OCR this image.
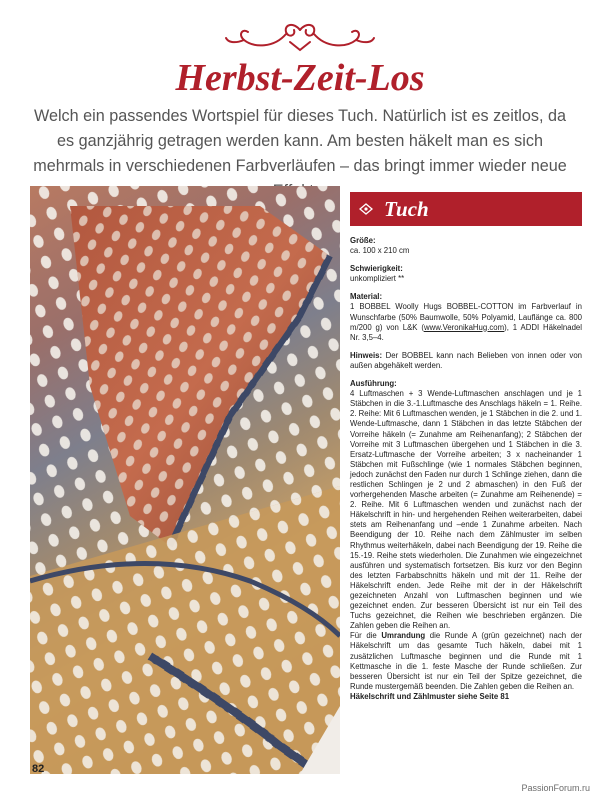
Herbst-Zeit-Los

Welch ein passendes Wortspiel für dieses Tuch. Natürlich ist es zeitlos, da es ganzjährig getragen werden kann. Am besten häkelt man es sich mehrmals in verschiedenen Farbverläufen – das bringt immer wieder neue

Tuch

Größe:
ca. 100 x 210 cm

Schwierigkeit:
unkompliziert **

Material:
1 BOBBEL Woolly Hugs BOBBEL-COTTON im Farbverlauf in Wunschfarbe (50% Baumwolle, 50% Polyamid, Lauflänge ca. 800 m/200 g) von L&K (www.VeronikaHug.com), 1 ADDI Häkelnadel Nr. 3,5–4.

Hinweis: Der BOBBEL kann nach Belieben von innen oder von außen abgehäkelt werden.

Ausführung:
4 Luftmaschen + 3 Wende-Luftmaschen anschlagen und je 1 Stäbchen in die 3.-1.Luftmasche des Anschlags häkeln = 1. Reihe. 2. Reihe: Mit 6 Luftmaschen wenden, je 1 Stäbchen in die 2. und 1. Wende-Luftmasche, dann 1 Stäbchen in das letzte Stäbchen der Vorreihe häkeln (= Zunahme am Reihenanfang); 2 Stäbchen der Vorreihe mit 3 Luftmaschen übergehen und 1 Stäbchen in die 3. Ersatz-Luftmasche der Vorreihe arbeiten; 3 x nacheinander 1 Stäbchen mit Fußschlinge (wie 1 normales Stäbchen beginnen, jedoch zunächst den Faden nur durch 1 Schlinge ziehen, dann die restlichen Schlingen je 2 und 2 abmaschen) in den Fuß der vorhergehenden Masche arbeiten (= Zunahme am Reihenende) = 2. Reihe. Mit 6 Luftmaschen wenden und zunächst nach der Häkelschrift in hin- und hergehenden Reihen weiterarbeiten, dabei stets am Reihenanfang und –ende 1 Zunahme arbeiten. Nach Beendigung der 10. Reihe nach dem Zählmuster im selben Rhythmus weiterhäkeln, dabei nach Beendigung der 19. Reihe die 15.-19. Reihe stets wiederholen. Die Zunahmen wie eingezeichnet ausführen und systematisch fortsetzen. Bis kurz vor den Beginn des letzten Farbabschnitts häkeln und mit der 11. Reihe der Häkelschrift enden. Jede Reihe mit der in der Häkelschrift gezeichneten Anzahl von Luftmaschen beginnen und wie gezeichnet enden. Zur besseren Übersicht ist nur ein Teil des Tuchs gezeichnet, die Reihen wie beschrieben ergänzen. Die Zahlen geben die Reihen an.
Für die Umrandung die Runde A (grün gezeichnet) nach der Häkelschrift um das gesamte Tuch häkeln, dabei mit 1 zusätzlichen Luftmasche beginnen und die Runde mit 1 Kettmasche in die 1. feste Masche der Runde schließen. Zur besseren Übersicht ist nur ein Teil der Spitze gezeichnet, die Runde mustergemäß beenden. Die Zahlen geben die Reihen an.
Häkelschrift und Zählmuster siehe Seite 81

82
PassionForum.ru
